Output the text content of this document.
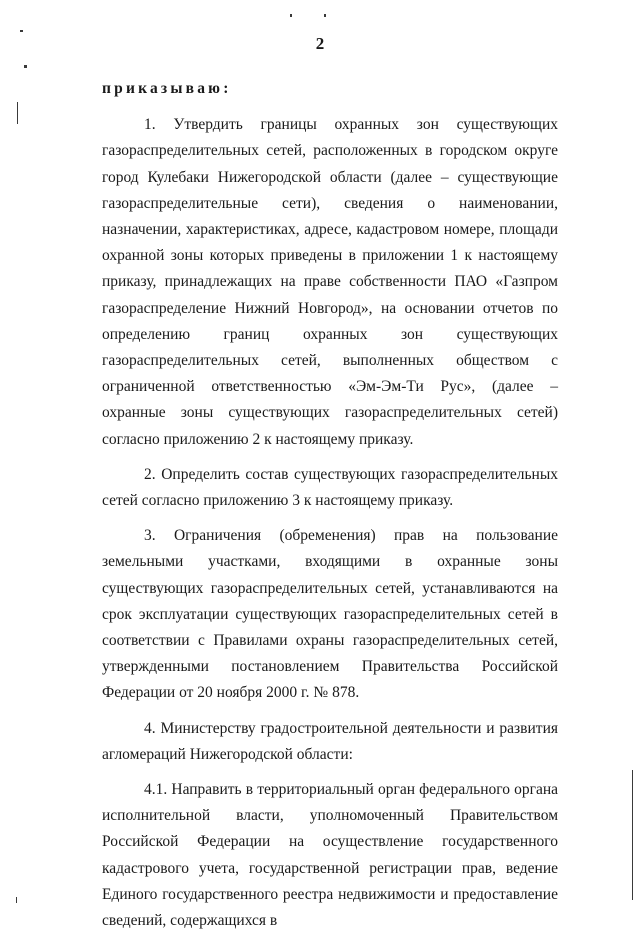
2

приказываю:

1. Утвердить границы охранных зон существующих газораспределительных сетей, расположенных в городском округе город Кулебаки Нижегородской области (далее – существующие газораспределительные сети), сведения о наименовании, назначении, характеристиках, адресе, кадастровом номере, площади охранной зоны которых приведены в приложении 1 к настоящему приказу, принадлежащих на праве собственности ПАО «Газпром газораспределение Нижний Новгород», на основании отчетов по определению границ охранных зон существующих газораспределительных сетей, выполненных обществом с ограниченной ответственностью «Эм-Эм-Ти Рус», (далее – охранные зоны существующих газораспределительных сетей) согласно приложению 2 к настоящему приказу.

2. Определить состав существующих газораспределительных сетей согласно приложению 3 к настоящему приказу.

3. Ограничения (обременения) прав на пользование земельными участками, входящими в охранные зоны существующих газораспределительных сетей, устанавливаются на срок эксплуатации существующих газораспределительных сетей в соответствии с Правилами охраны газораспределительных сетей, утвержденными постановлением Правительства Российской Федерации от 20 ноября 2000 г. № 878.

4. Министерству градостроительной деятельности и развития агломераций Нижегородской области:

4.1. Направить в территориальный орган федерального органа исполнительной власти, уполномоченный Правительством Российской Федерации на осуществление государственного кадастрового учета, государственной регистрации прав, ведение Единого государственного реестра недвижимости и предоставление сведений, содержащихся в
